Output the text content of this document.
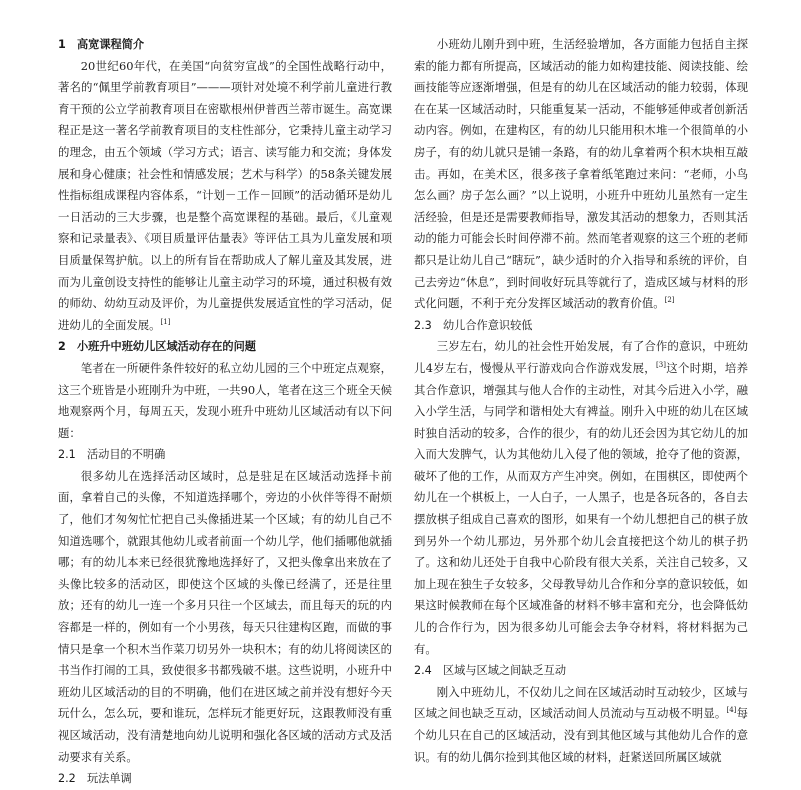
1　高宽课程简介

20世纪60年代，在美国“向贫穷宣战”的全国性战略行动中，著名的“佩里学前教育项目”———项针对处境不利学前儿童进行教育干预的公立学前教育项目在密歇根州伊普西兰蒂市诞生。高宽课程正是这一著名学前教育项目的支柱性部分，它秉持儿童主动学习的理念，由五个领域（学习方式；语言、读写能力和交流；身体发展和身心健康；社会性和情感发展；艺术与科学）的58条关键发展性指标组成课程内容体系，“计划－工作－回顾”的活动循环是幼儿一日活动的三大步骤，也是整个高宽课程的基础。最后，《儿童观察和记录量表》、《项目质量评估量表》等评估工具为儿童发展和项目质量保驾护航。以上的所有旨在帮助成人了解儿童及其发展，进而为儿童创设支持性的能够让儿童主动学习的环境，通过积极有效的师幼、幼幼互动及评价，为儿童提供发展适宜性的学习活动，促进幼儿的全面发展。[1]

2　小班升中班幼儿区域活动存在的问题

笔者在一所硬件条件较好的私立幼儿园的三个中班定点观察，这三个班皆是小班刚升为中班，一共90人，笔者在这三个班全天候地观察两个月，每周五天，发现小班升中班幼儿区域活动有以下问题：

2.1　活动目的不明确

很多幼儿在选择活动区域时，总是驻足在区域活动选择卡前面，拿着自己的头像，不知道选择哪个，旁边的小伙伴等得不耐烦了，他们才匆匆忙忙把自己头像插进某一个区域；有的幼儿自己不知道选哪个，就跟其他幼儿或者前面一个幼儿学，他们插哪他就插哪；有的幼儿本来已经很犹豫地选择好了，又把头像拿出来放在了头像比较多的活动区，即使这个区域的头像已经满了，还是往里放；还有的幼儿一连一个多月只往一个区域去，而且每天的玩的内容都是一样的，例如有一个小男孩，每天只往建构区跑，而做的事情只是拿一个积木当作菜刀切另外一块积木；有的幼儿将阅读区的书当作打闹的工具，致使很多书都残破不堪。这些说明，小班升中班幼儿区域活动的目的不明确，他们在进区域之前并没有想好今天玩什么，怎么玩，要和谁玩，怎样玩才能更好玩，这跟教师没有重视区域活动，没有清楚地向幼儿说明和强化各区域的活动方式及活动要求有关系。

2.2　玩法单调

小班幼儿刚升到中班，生活经验增加，各方面能力包括自主探索的能力都有所提高，区域活动的能力如构建技能、阅读技能、绘画技能等应逐渐增强，但是有的幼儿在区域活动的能力较弱，体现在在某一区域活动时，只能重复某一活动，不能够延伸或者创新活动内容。例如，在建构区，有的幼儿只能用积木堆一个很简单的小房子，有的幼儿就只是铺一条路，有的幼儿拿着两个积木块相互敲击。再如，在美术区，很多孩子拿着纸笔跑过来问：“老师，小鸟怎么画？房子怎么画？”以上说明，小班升中班幼儿虽然有一定生活经验，但是还是需要教师指导，激发其活动的想象力，否则其活动的能力可能会长时间停滞不前。然而笔者观察的这三个班的老师都只是让幼儿自己“瞎玩”，缺少适时的介入指导和系统的评价，自己去旁边“休息”，到时间收好玩具等就行了，造成区域与材料的形式化问题，不利于充分发挥区域活动的教育价值。[2]

2.3　幼儿合作意识较低

三岁左右，幼儿的社会性开始发展，有了合作的意识，中班幼儿4岁左右，慢慢从平行游戏向合作游戏发展，[3]这个时期，培养其合作意识，增强其与他人合作的主动性，对其今后进入小学，融入小学生活，与同学和谐相处大有裨益。刚升入中班的幼儿在区域时独自活动的较多，合作的很少，有的幼儿还会因为其它幼儿的加入而大发脾气，认为其他幼儿入侵了他的领域，抢夺了他的资源，破坏了他的工作，从而双方产生冲突。例如，在围棋区，即使两个幼儿在一个棋板上，一人白子，一人黑子，也是各玩各的，各自去摆放棋子组成自己喜欢的图形，如果有一个幼儿想把自己的棋子放到另外一个幼儿那边，另外那个幼儿会直接把这个幼儿的棋子扔了。这和幼儿还处于自我中心阶段有很大关系，关注自己较多，又加上现在独生子女较多，父母教导幼儿合作和分享的意识较低，如果这时候教师在每个区域准备的材料不够丰富和充分，也会降低幼儿的合作行为，因为很多幼儿可能会去争夺材料，将材料据为己有。

2.4　区域与区域之间缺乏互动

刚入中班幼儿，不仅幼儿之间在区域活动时互动较少，区域与区域之间也缺乏互动，区域活动间人员流动与互动极不明显。[4]每个幼儿只在自己的区域活动，没有到其他区域与其他幼儿合作的意识。有的幼儿偶尔捡到其他区域的材料，赶紧送回所属区域就
